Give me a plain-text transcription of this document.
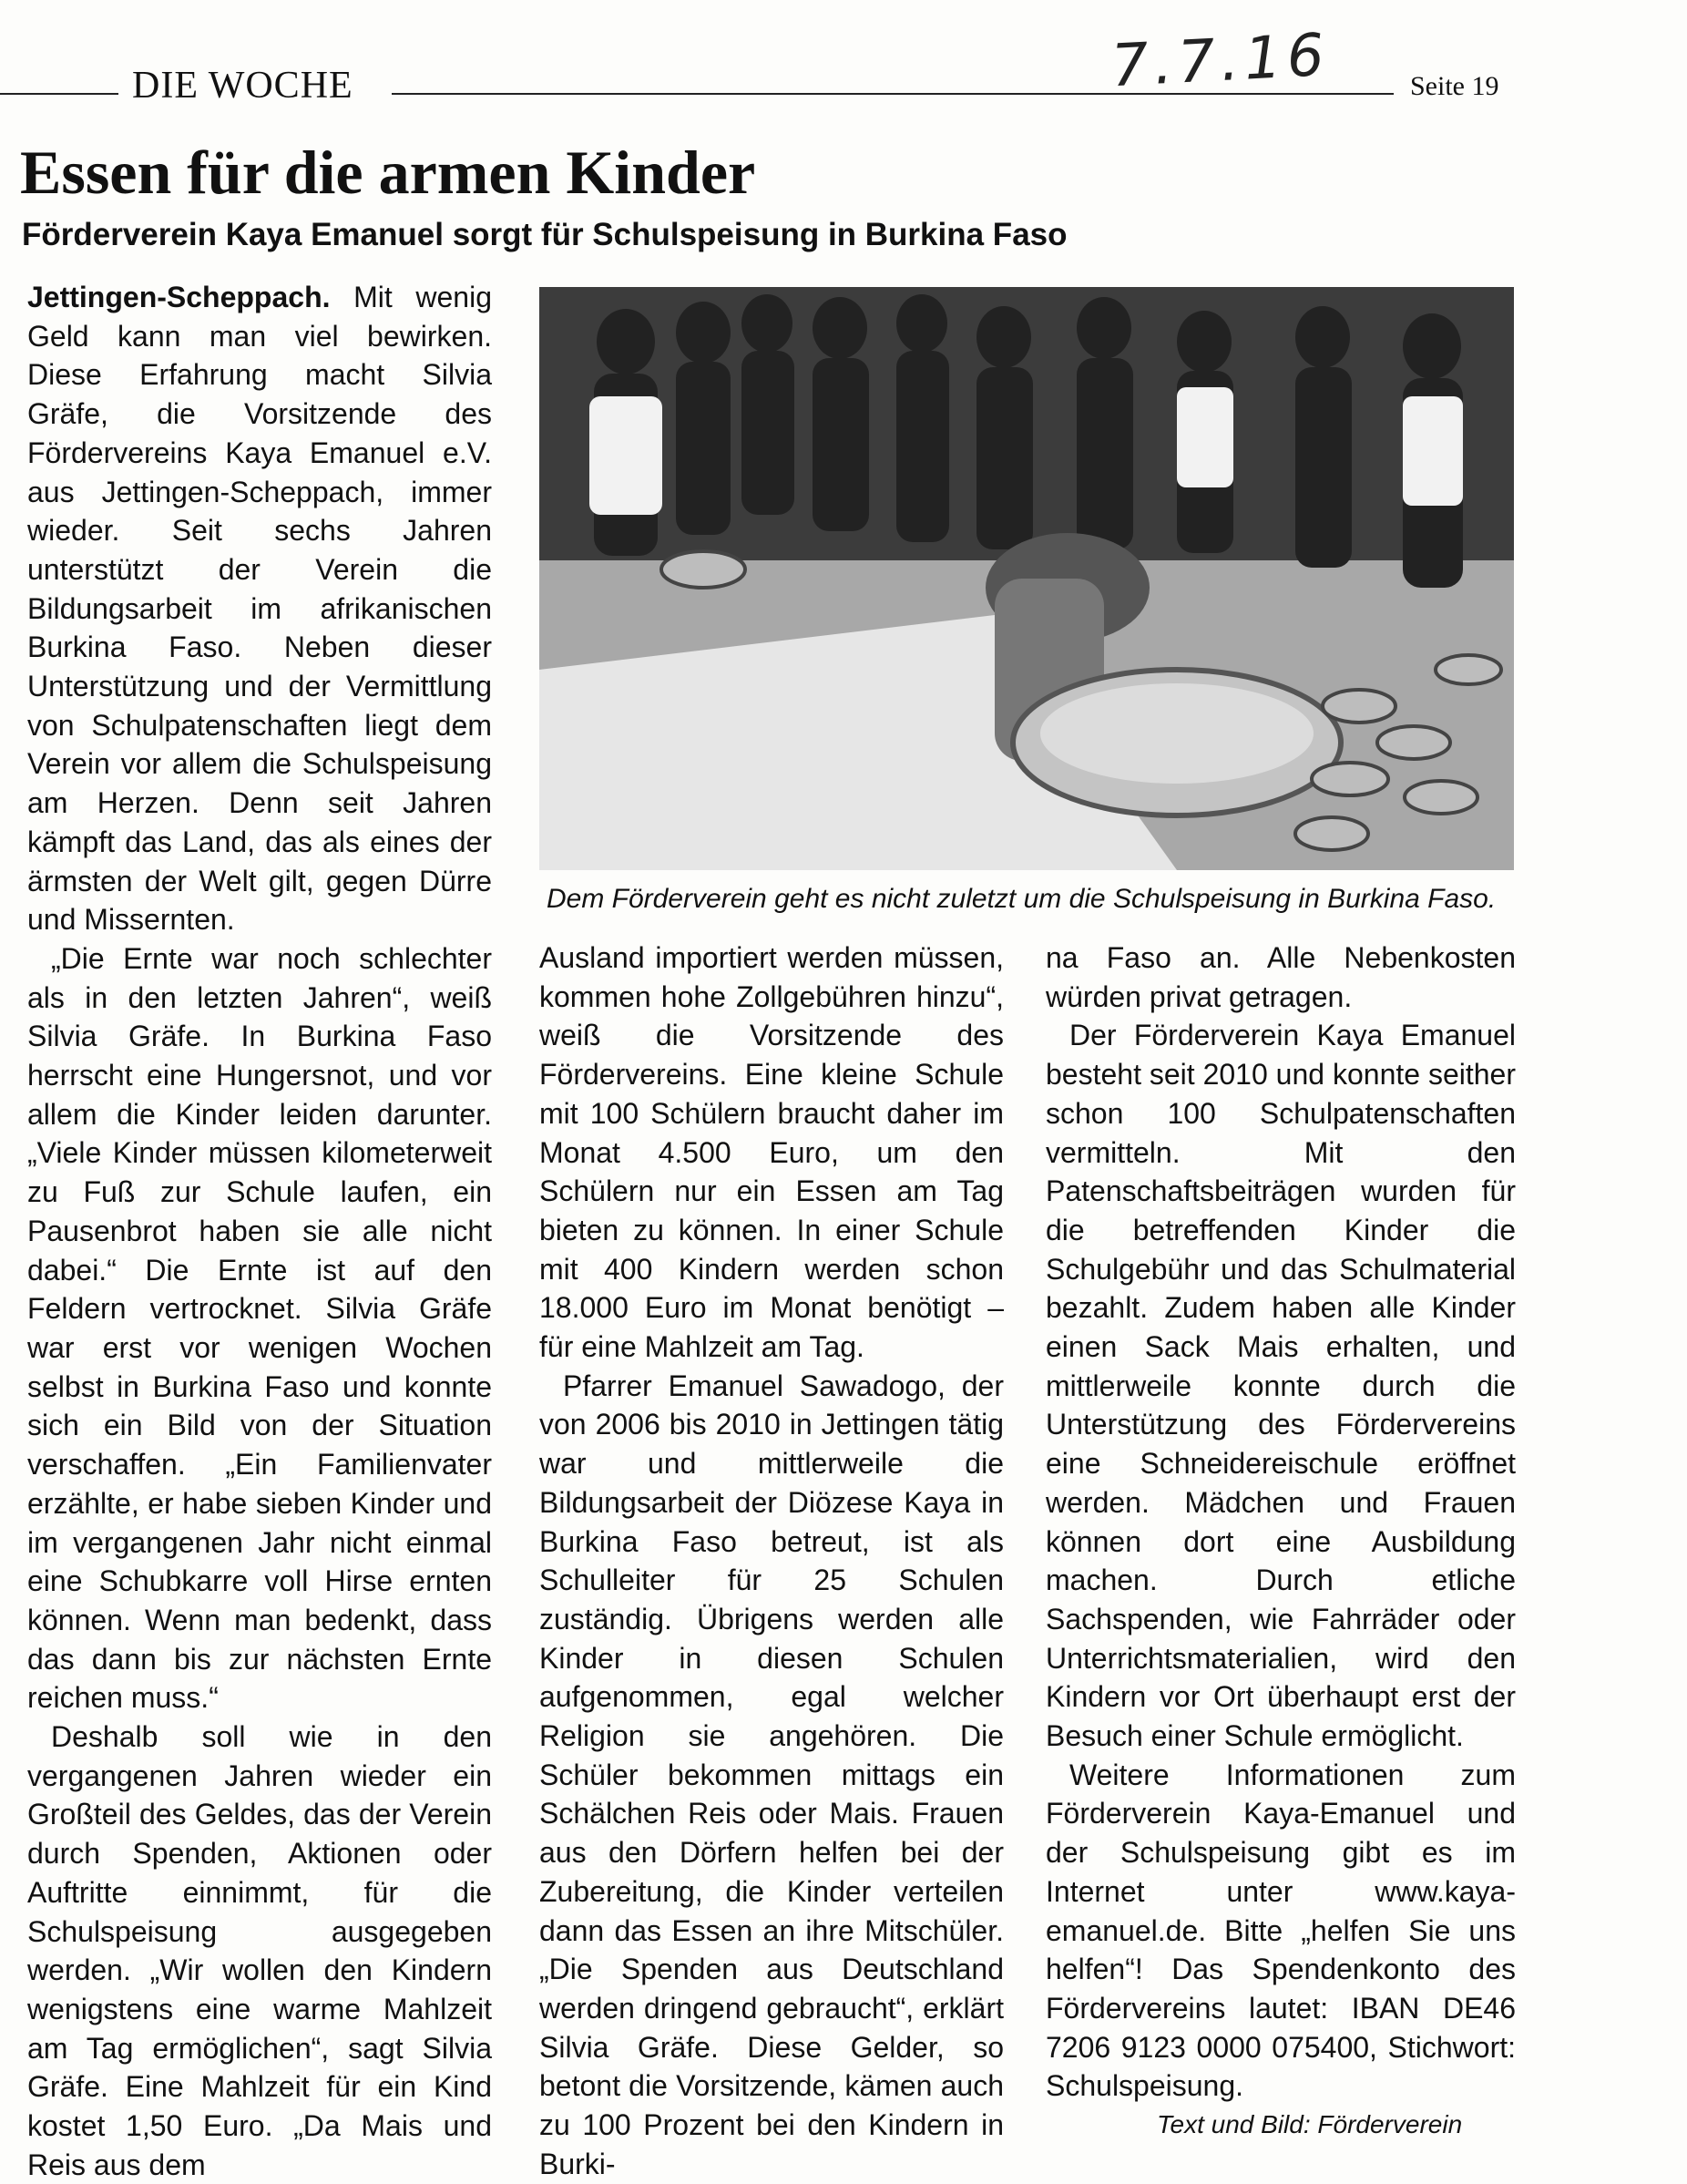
DIE WOCHE	Seite 19
7.7.16
Essen für die armen Kinder
Förderverein Kaya Emanuel sorgt für Schulspeisung in Burkina Faso

Jettingen-Scheppach. Mit wenig Geld kann man viel bewirken. Diese Erfahrung macht Silvia Gräfe, die Vorsitzende des Fördervereins Kaya Emanuel e.V. aus Jettingen-Scheppach, immer wieder. Seit sechs Jahren unterstützt der Verein die Bildungsarbeit im afrikanischen Burkina Faso. Neben dieser Unterstützung und der Vermittlung von Schulpatenschaften liegt dem Verein vor allem die Schulspeisung am Herzen. Denn seit Jahren kämpft das Land, das als eines der ärmsten der Welt gilt, gegen Dürre und Missernten.

„Die Ernte war noch schlechter als in den letzten Jahren“, weiß Silvia Gräfe. In Burkina Faso herrscht eine Hungersnot, und vor allem die Kinder leiden darunter. „Viele Kinder müssen kilometerweit zu Fuß zur Schule laufen, ein Pausenbrot haben sie alle nicht dabei.“ Die Ernte ist auf den Feldern vertrocknet. Silvia Gräfe war erst vor wenigen Wochen selbst in Burkina Faso und konnte sich ein Bild von der Situation verschaffen. „Ein Familienvater erzählte, er habe sieben Kinder und im vergangenen Jahr nicht einmal eine Schubkarre voll Hirse ernten können. Wenn man bedenkt, dass das dann bis zur nächsten Ernte reichen muss.“

Deshalb soll wie in den vergangenen Jahren wieder ein Großteil des Geldes, das der Verein durch Spenden, Aktionen oder Auftritte einnimmt, für die Schulspeisung ausgegeben werden. „Wir wollen den Kindern wenigstens eine warme Mahlzeit am Tag ermöglichen“, sagt Silvia Gräfe. Eine Mahlzeit für ein Kind kostet 1,50 Euro. „Da Mais und Reis aus dem

Dem Förderverein geht es nicht zuletzt um die Schulspeisung in Burkina Faso.

Ausland importiert werden müssen, kommen hohe Zollgebühren hinzu“, weiß die Vorsitzende des Fördervereins. Eine kleine Schule mit 100 Schülern braucht daher im Monat 4.500 Euro, um den Schülern nur ein Essen am Tag bieten zu können. In einer Schule mit 400 Kindern werden schon 18.000 Euro im Monat benötigt – für eine Mahlzeit am Tag.

Pfarrer Emanuel Sawadogo, der von 2006 bis 2010 in Jettingen tätig war und mittlerweile die Bildungsarbeit der Diözese Kaya in Burkina Faso betreut, ist als Schulleiter für 25 Schulen zuständig. Übrigens werden alle Kinder in diesen Schulen aufgenommen, egal welcher Religion sie angehören. Die Schüler bekommen mittags ein Schälchen Reis oder Mais. Frauen aus den Dörfern helfen bei der Zubereitung, die Kinder verteilen dann das Essen an ihre Mitschüler. „Die Spenden aus Deutschland werden dringend gebraucht“, erklärt Silvia Gräfe. Diese Gelder, so betont die Vorsitzende, kämen auch zu 100 Prozent bei den Kindern in Burki-

na Faso an. Alle Nebenkosten würden privat getragen.

Der Förderverein Kaya Emanuel besteht seit 2010 und konnte seither schon 100 Schulpatenschaften vermitteln. Mit den Patenschaftsbeiträgen wurden für die betreffenden Kinder die Schulgebühr und das Schulmaterial bezahlt. Zudem haben alle Kinder einen Sack Mais erhalten, und mittlerweile konnte durch die Unterstützung des Fördervereins eine Schneidereischule eröffnet werden. Mädchen und Frauen können dort eine Ausbildung machen. Durch etliche Sachspenden, wie Fahrräder oder Unterrichtsmaterialien, wird den Kindern vor Ort überhaupt erst der Besuch einer Schule ermöglicht.

Weitere Informationen zum Förderverein Kaya-Emanuel und der Schulspeisung gibt es im Internet unter www.kaya-emanuel.de. Bitte „helfen Sie uns helfen“! Das Spendenkonto des Fördervereins lautet: IBAN DE46 7206 9123 0000 075400, Stichwort: Schulspeisung.

Text und Bild: Förderverein
